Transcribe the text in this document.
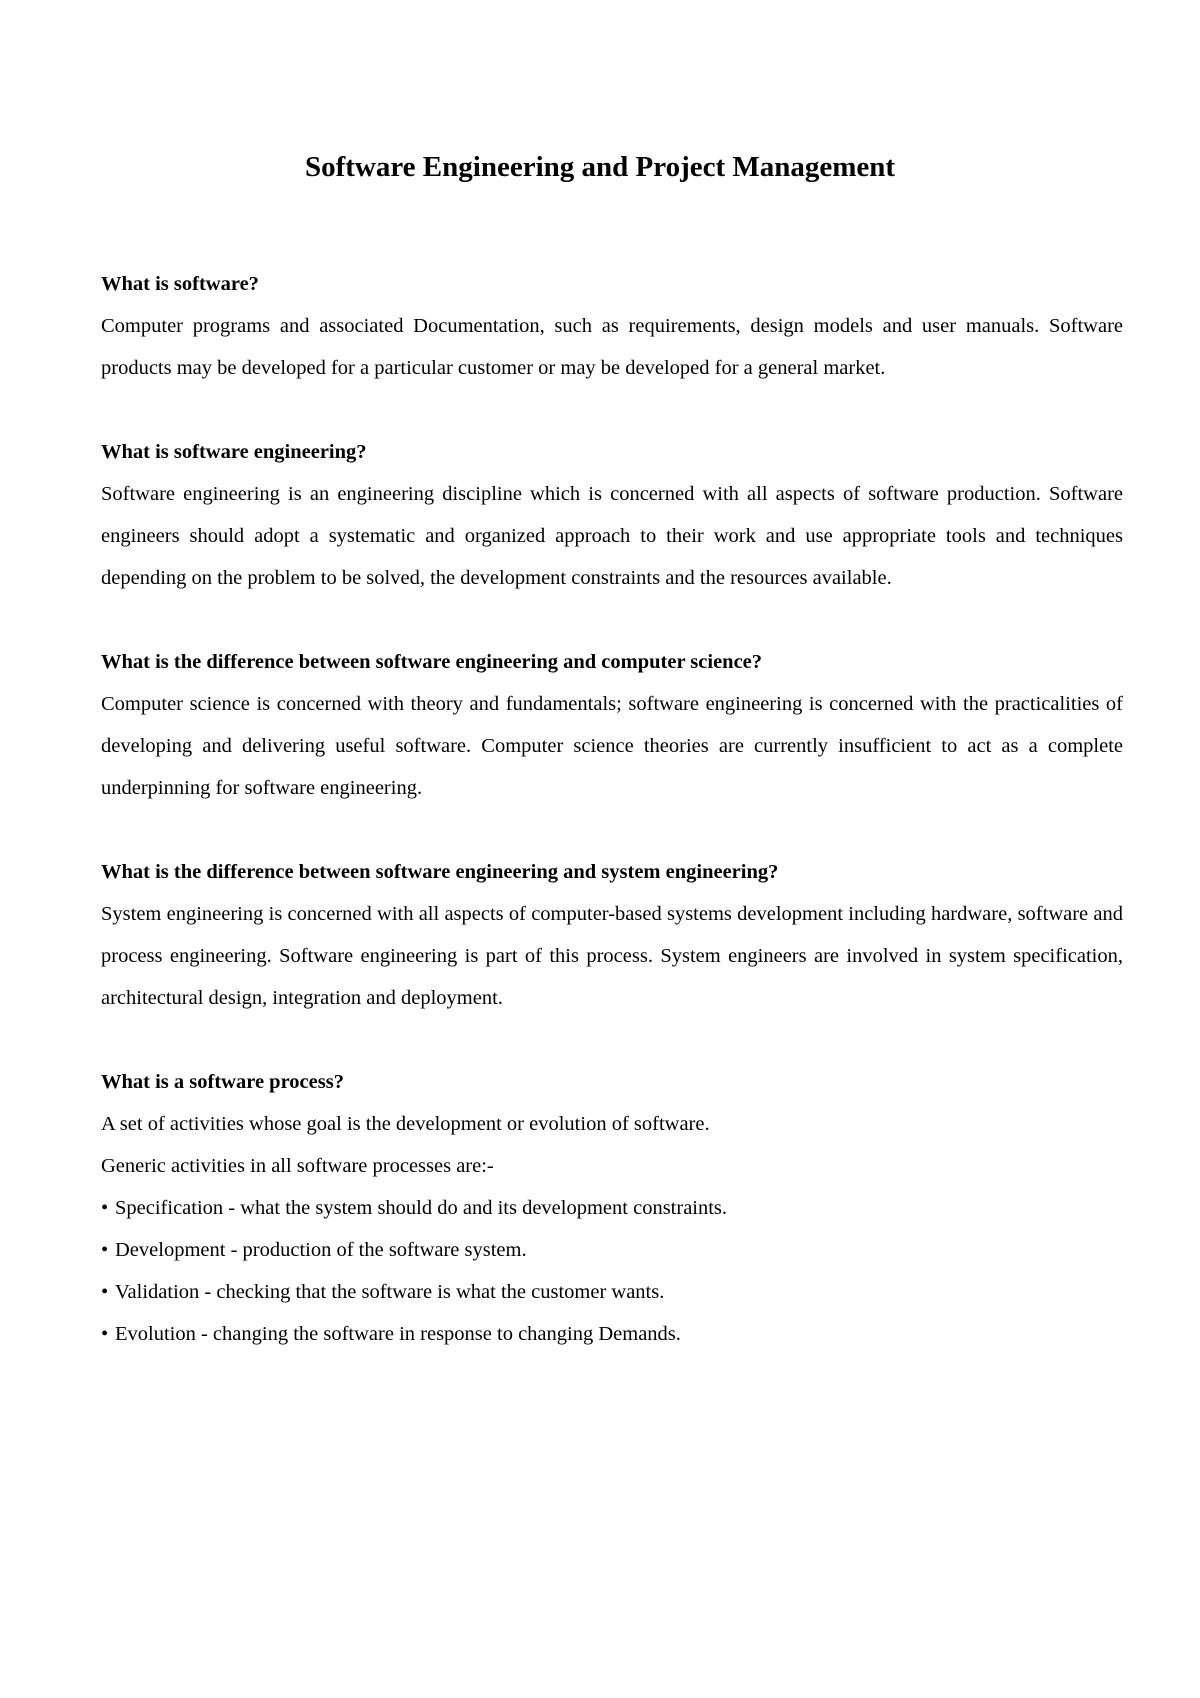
Software Engineering and Project Management

What is software?

Computer programs and associated Documentation, such as requirements, design models and user manuals. Software products may be developed for a particular customer or may be developed for a general market.

What is software engineering?

Software engineering is an engineering discipline which is concerned with all aspects of software production. Software engineers should adopt a systematic and organized approach to their work and use appropriate tools and techniques depending on the problem to be solved, the development constraints and the resources available.

What is the difference between software engineering and computer science?

Computer science is concerned with theory and fundamentals; software engineering is concerned with the practicalities of developing and delivering useful software. Computer science theories are currently insufficient to act as a complete underpinning for software engineering.

What is the difference between software engineering and system engineering?

System engineering is concerned with all aspects of computer-based systems development including hardware, software and process engineering. Software engineering is part of this process. System engineers are involved in system specification, architectural design, integration and deployment.

What is a software process?

A set of activities whose goal is the development or evolution of software.

Generic activities in all software processes are:-

• Specification - what the system should do and its development constraints.
• Development - production of the software system.
• Validation - checking that the software is what the customer wants.
• Evolution - changing the software in response to changing Demands.
